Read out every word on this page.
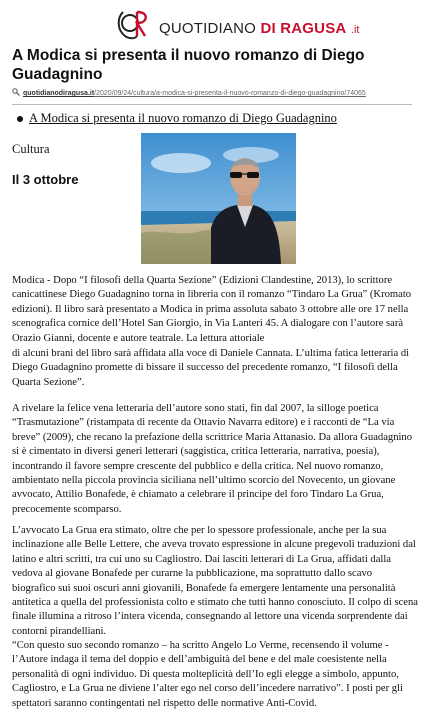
QUOTIDIANO DI RAGUSA .it
A Modica si presenta il nuovo romanzo di Diego Guadagnino
quotidianodiragusa.it/2020/09/24/cultura/a-modica-si-presenta-il-nuovo-romanzo-di-diego-guadagnino/74065
A Modica si presenta il nuovo romanzo di Diego Guadagnino
Cultura
Il 3 ottobre
Modica - Dopo “I filosofi della Quarta Sezione” (Edizioni Clandestine, 2013), lo scrittore canicattinese Diego Guadagnino torna in libreria con il romanzo “Tindaro La Grua” (Kromato edizioni). Il libro sarà presentato a Modica in prima assoluta sabato 3 ottobre alle ore 17 nella scenografica cornice dell’Hotel San Giorgio, in Via Lanteri 45. A dialogare con l’autore sarà Orazio Gianni, docente e autore teatrale. La lettura attoriale
di alcuni brani del libro sarà affidata alla voce di Daniele Cannata. L’ultima fatica letteraria di Diego Guadagnino promette di bissare il successo del precedente romanzo, “I filosofi della Quarta Sezione”.
A rivelare la felice vena letteraria dell’autore sono stati, fin dal 2007, la silloge poetica “Trasmutazione” (ristampata di recente da Ottavio Navarra editore) e i racconti de “La via breve” (2009), che recano la prefazione della scrittrice Maria Attanasio. Da allora Guadagnino si è cimentato in diversi generi letterari (saggistica, critica letteraria, narrativa, poesia), incontrando il favore sempre crescente del pubblico e della critica. Nel nuovo romanzo, ambientato nella piccola provincia siciliana nell’ultimo scorcio del Novecento, un giovane avvocato, Attilio Bonafede, è chiamato a celebrare il principe del foro Tindaro La Grua, precocemente scomparso.
L’avvocato La Grua era stimato, oltre che per lo spessore professionale, anche per la sua inclinazione alle Belle Lettere, che aveva trovato espressione in alcune pregevoli traduzioni dal latino e altri scritti, tra cui uno su Cagliostro. Dai lasciti letterari di La Grua, affidati dalla vedova al giovane Bonafede per curarne la pubblicazione, ma soprattutto dallo scavo biografico sui suoi oscuri anni giovanili, Bonafede fa emergere lentamente una personalità antitetica a quella del professionista colto e stimato che tutti hanno conosciuto. Il colpo di scena finale illumina a ritroso l’intera vicenda, consegnando al lettore una vicenda sorprendente dai contorni pirandelliani.
“Con questo suo secondo romanzo – ha scritto Angelo Lo Verme, recensendo il volume - l’Autore indaga il tema del doppio e dell’ambiguità del bene e del male coesistente nella personalità di ogni individuo. Di questa molteplicità dell’Io egli elegge a simbolo, appunto, Cagliostro, e La Grua ne diviene l’alter ego nel corso dell’incedere narrativo”. I posti per gli spettatori saranno contingentati nel rispetto delle normative Anti-Covid.
